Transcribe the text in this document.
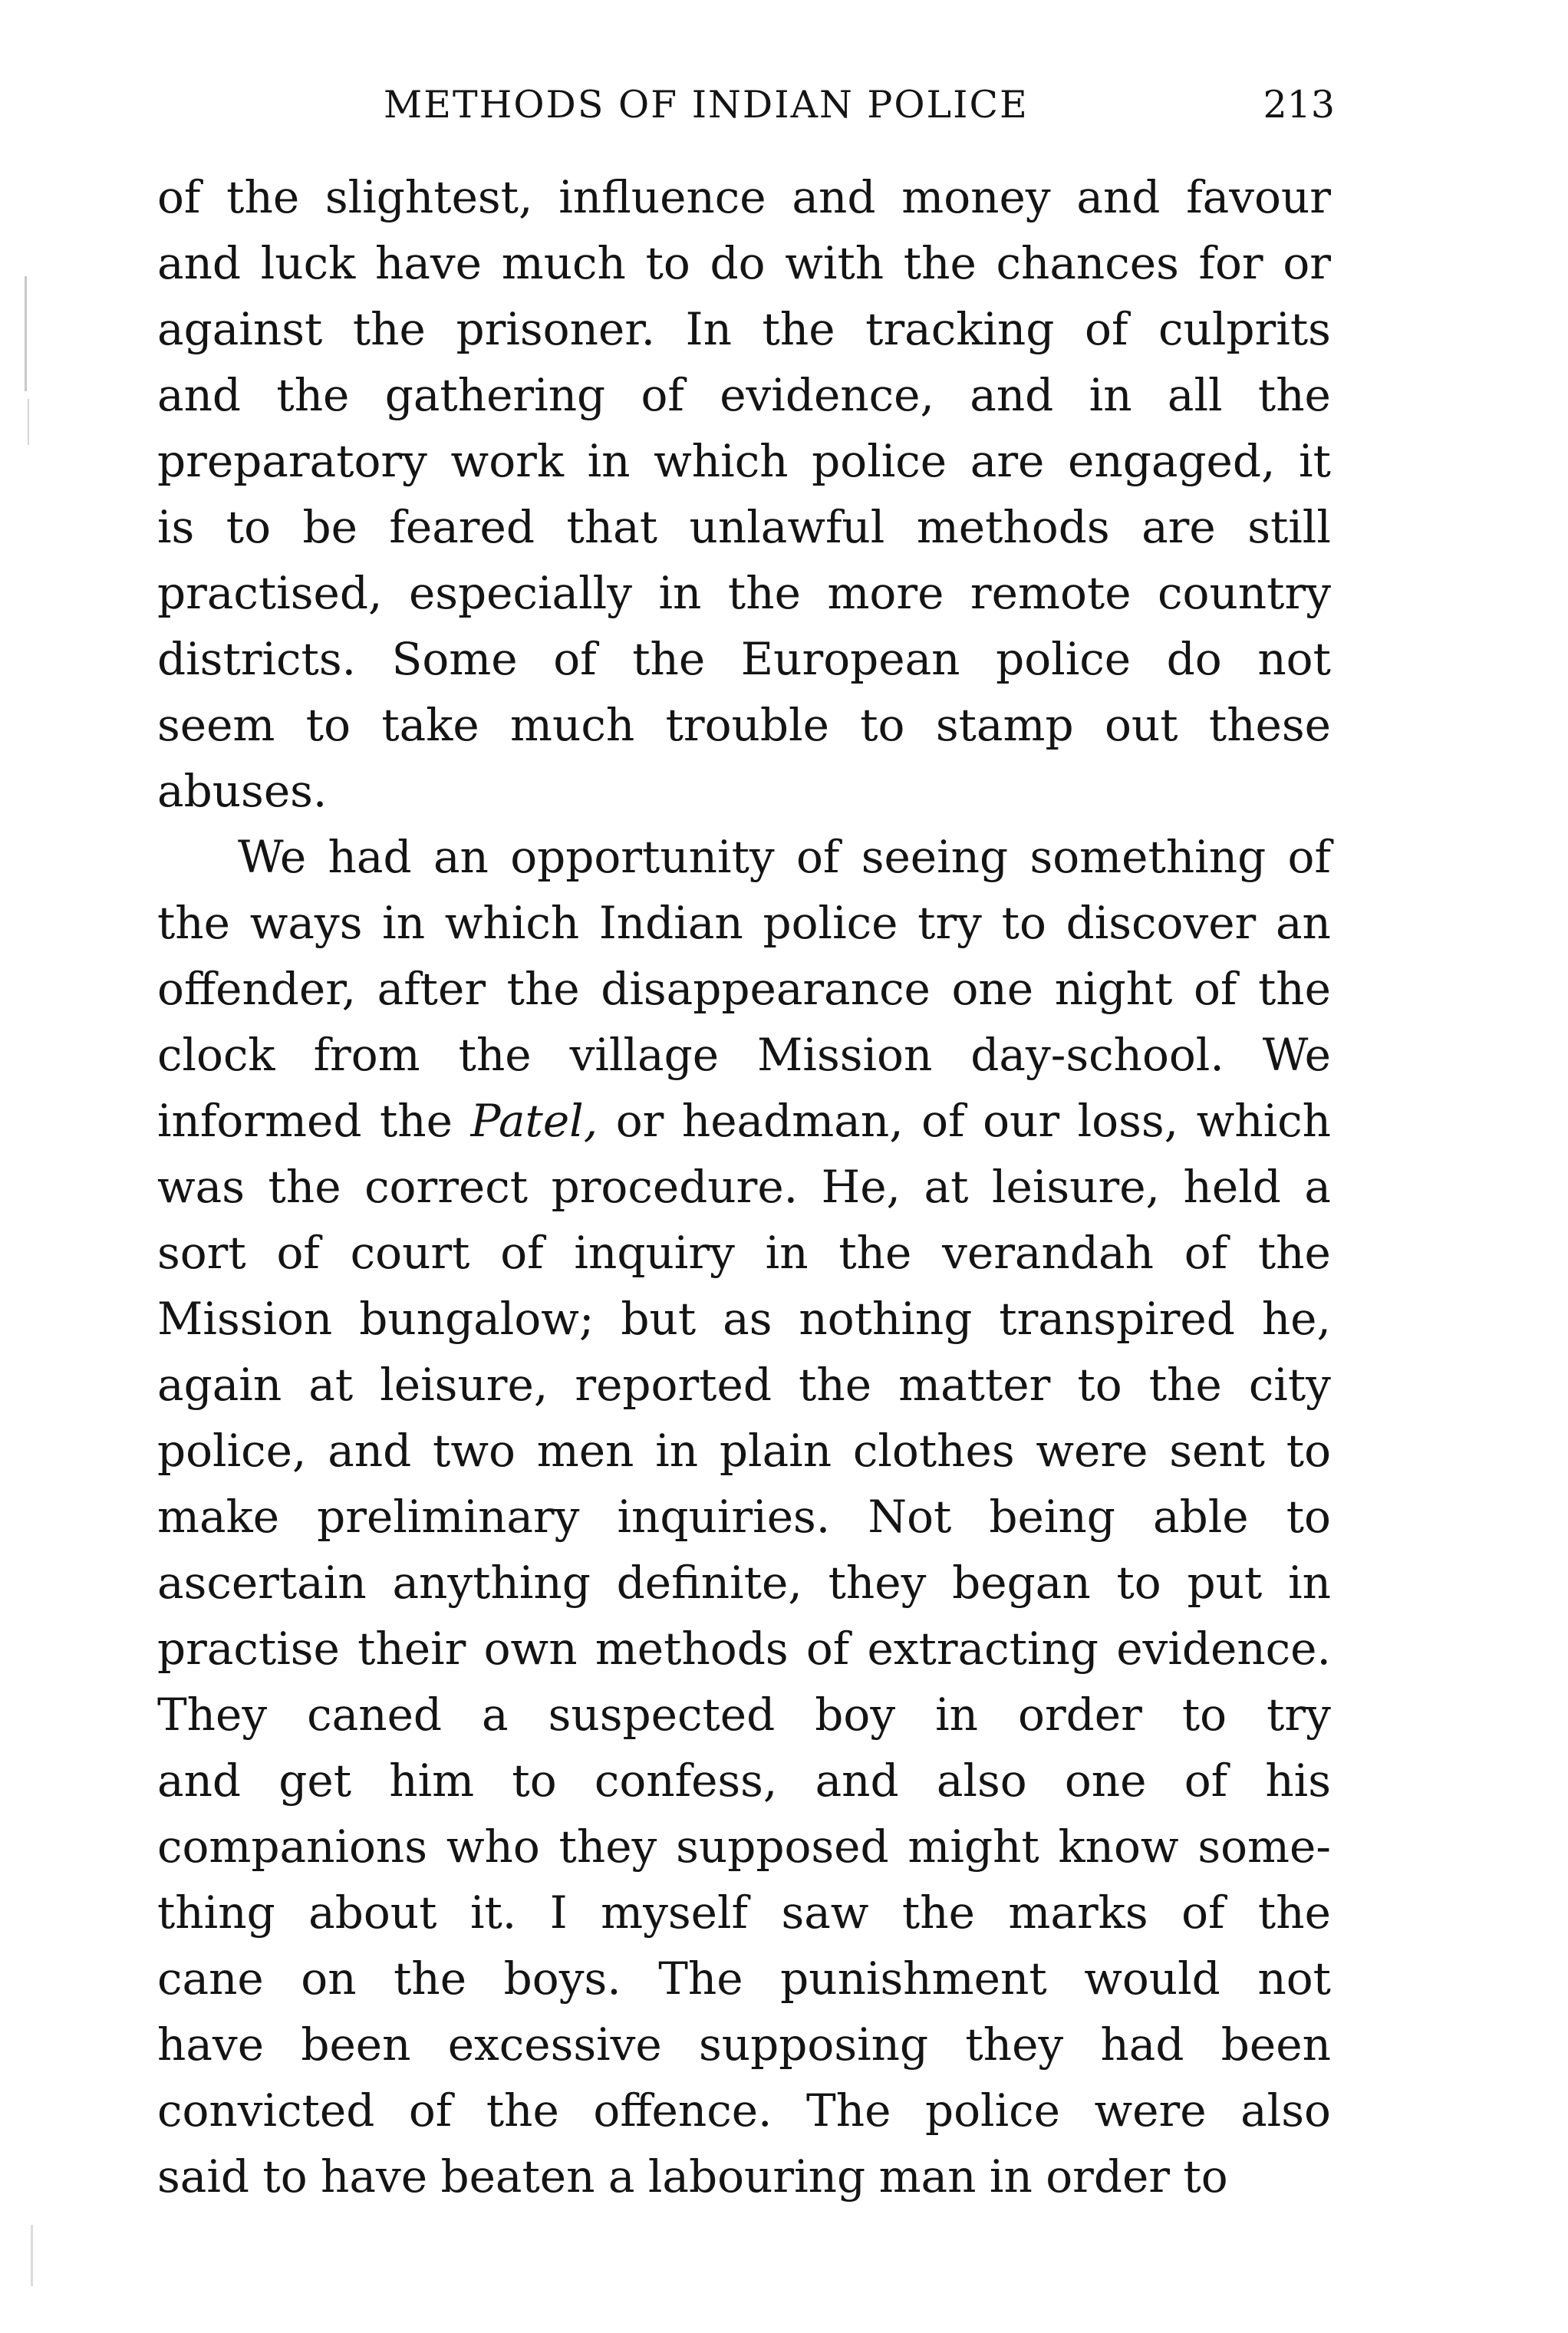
METHODS OF INDIAN POLICE	213
of the slightest, influence and money and favour
and luck have much to do with the chances for or
against the prisoner. In the tracking of culprits
and the gathering of evidence, and in all the
preparatory work in which police are engaged, it
is to be feared that unlawful methods are still
practised, especially in the more remote country
districts. Some of the European police do not
seem to take much trouble to stamp out these
abuses.
We had an opportunity of seeing something of
the ways in which Indian police try to discover an
offender, after the disappearance one night of the
clock from the village Mission day-school. We
informed the Patel, or headman, of our loss, which
was the correct procedure. He, at leisure, held a
sort of court of inquiry in the verandah of the
Mission bungalow; but as nothing transpired he,
again at leisure, reported the matter to the city
police, and two men in plain clothes were sent to
make preliminary inquiries. Not being able to
ascertain anything definite, they began to put in
practise their own methods of extracting evidence.
They caned a suspected boy in order to try
and get him to confess, and also one of his
companions who they supposed might know some-
thing about it. I myself saw the marks of the
cane on the boys. The punishment would not
have been excessive supposing they had been
convicted of the offence. The police were also
said to have beaten a labouring man in order to
